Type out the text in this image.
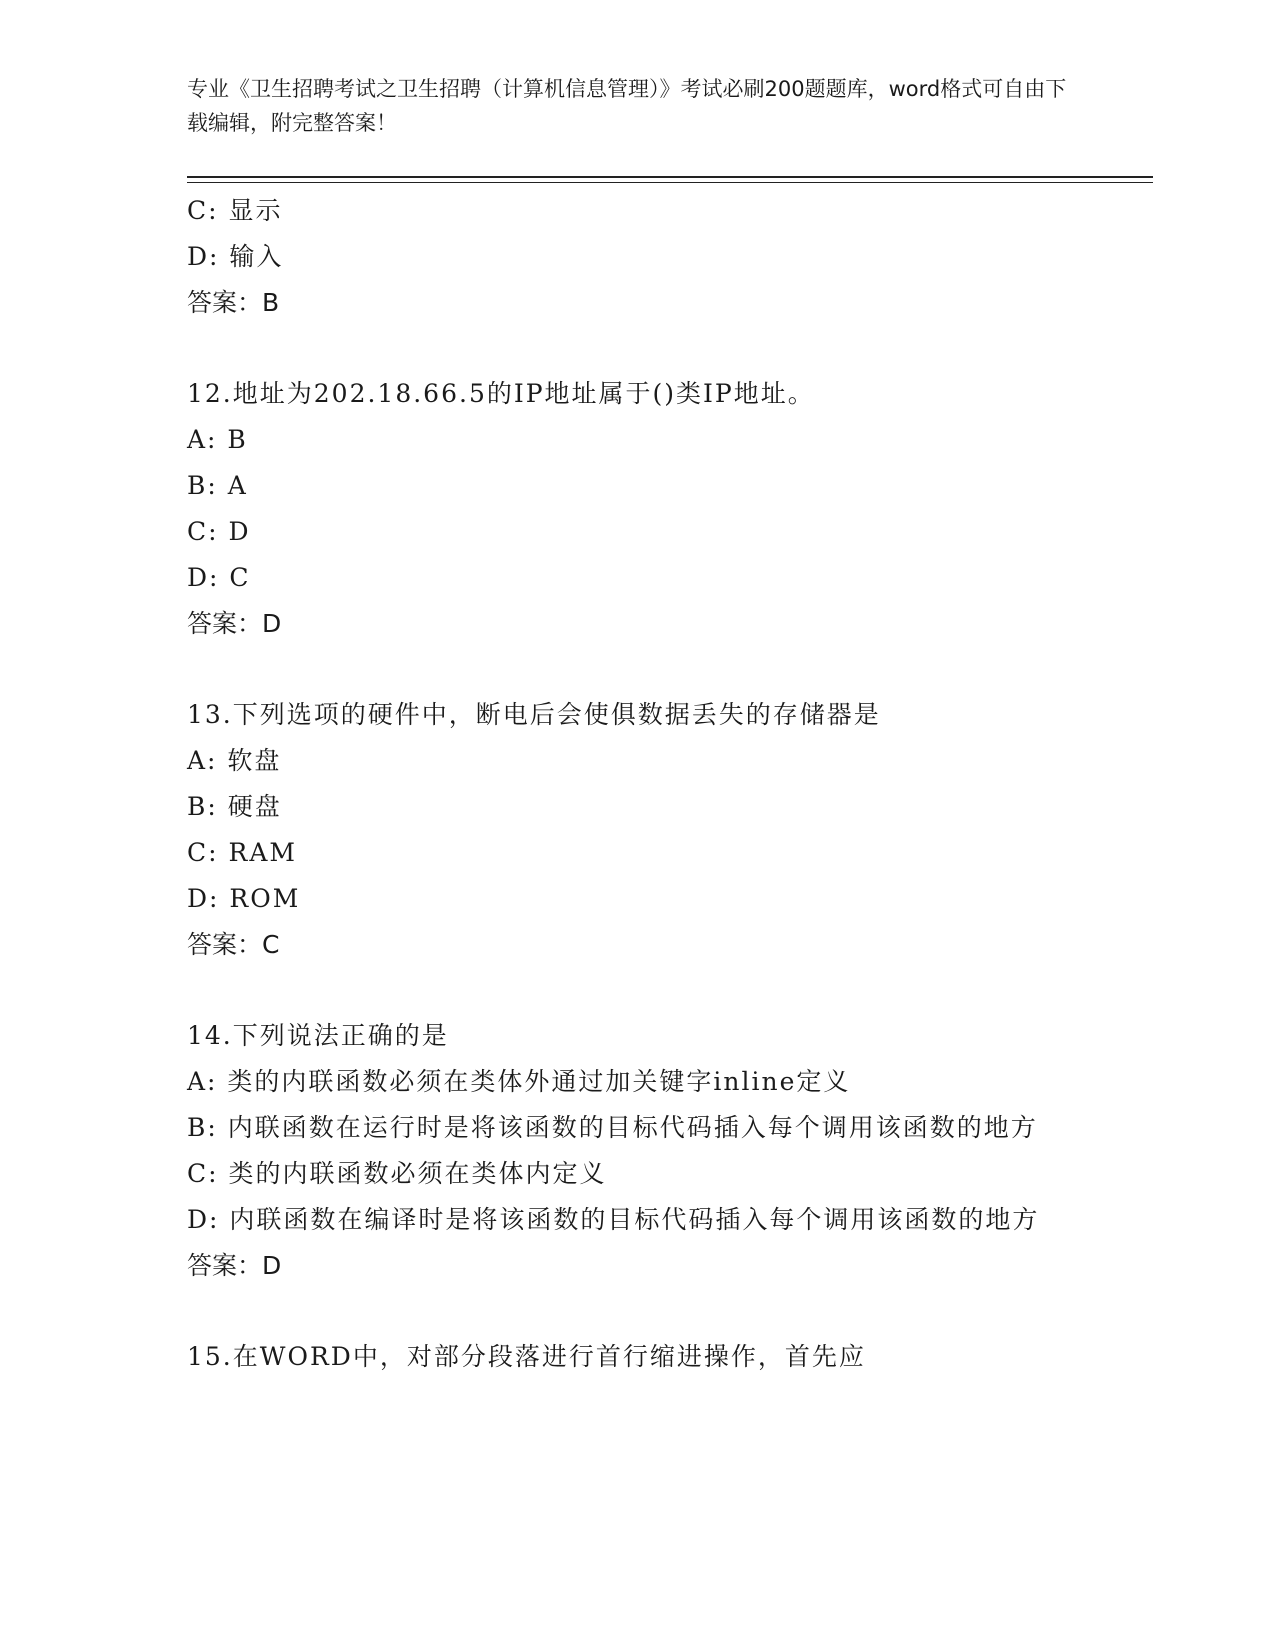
专业《卫生招聘考试之卫生招聘（计算机信息管理）》考试必刷200题题库，word格式可自由下载编辑，附完整答案！
C: 显示
D: 输入
答案：B
12.地址为202.18.66.5的IP地址属于()类IP地址。
A: B
B: A
C: D
D: C
答案：D
13.下列选项的硬件中，断电后会使俱数据丢失的存储器是
A: 软盘
B: 硬盘
C: RAM
D: ROM
答案：C
14.下列说法正确的是
A: 类的内联函数必须在类体外通过加关键字inline定义
B: 内联函数在运行时是将该函数的目标代码插入每个调用该函数的地方
C: 类的内联函数必须在类体内定义
D: 内联函数在编译时是将该函数的目标代码插入每个调用该函数的地方
答案：D
15.在WORD中，对部分段落进行首行缩进操作，首先应
